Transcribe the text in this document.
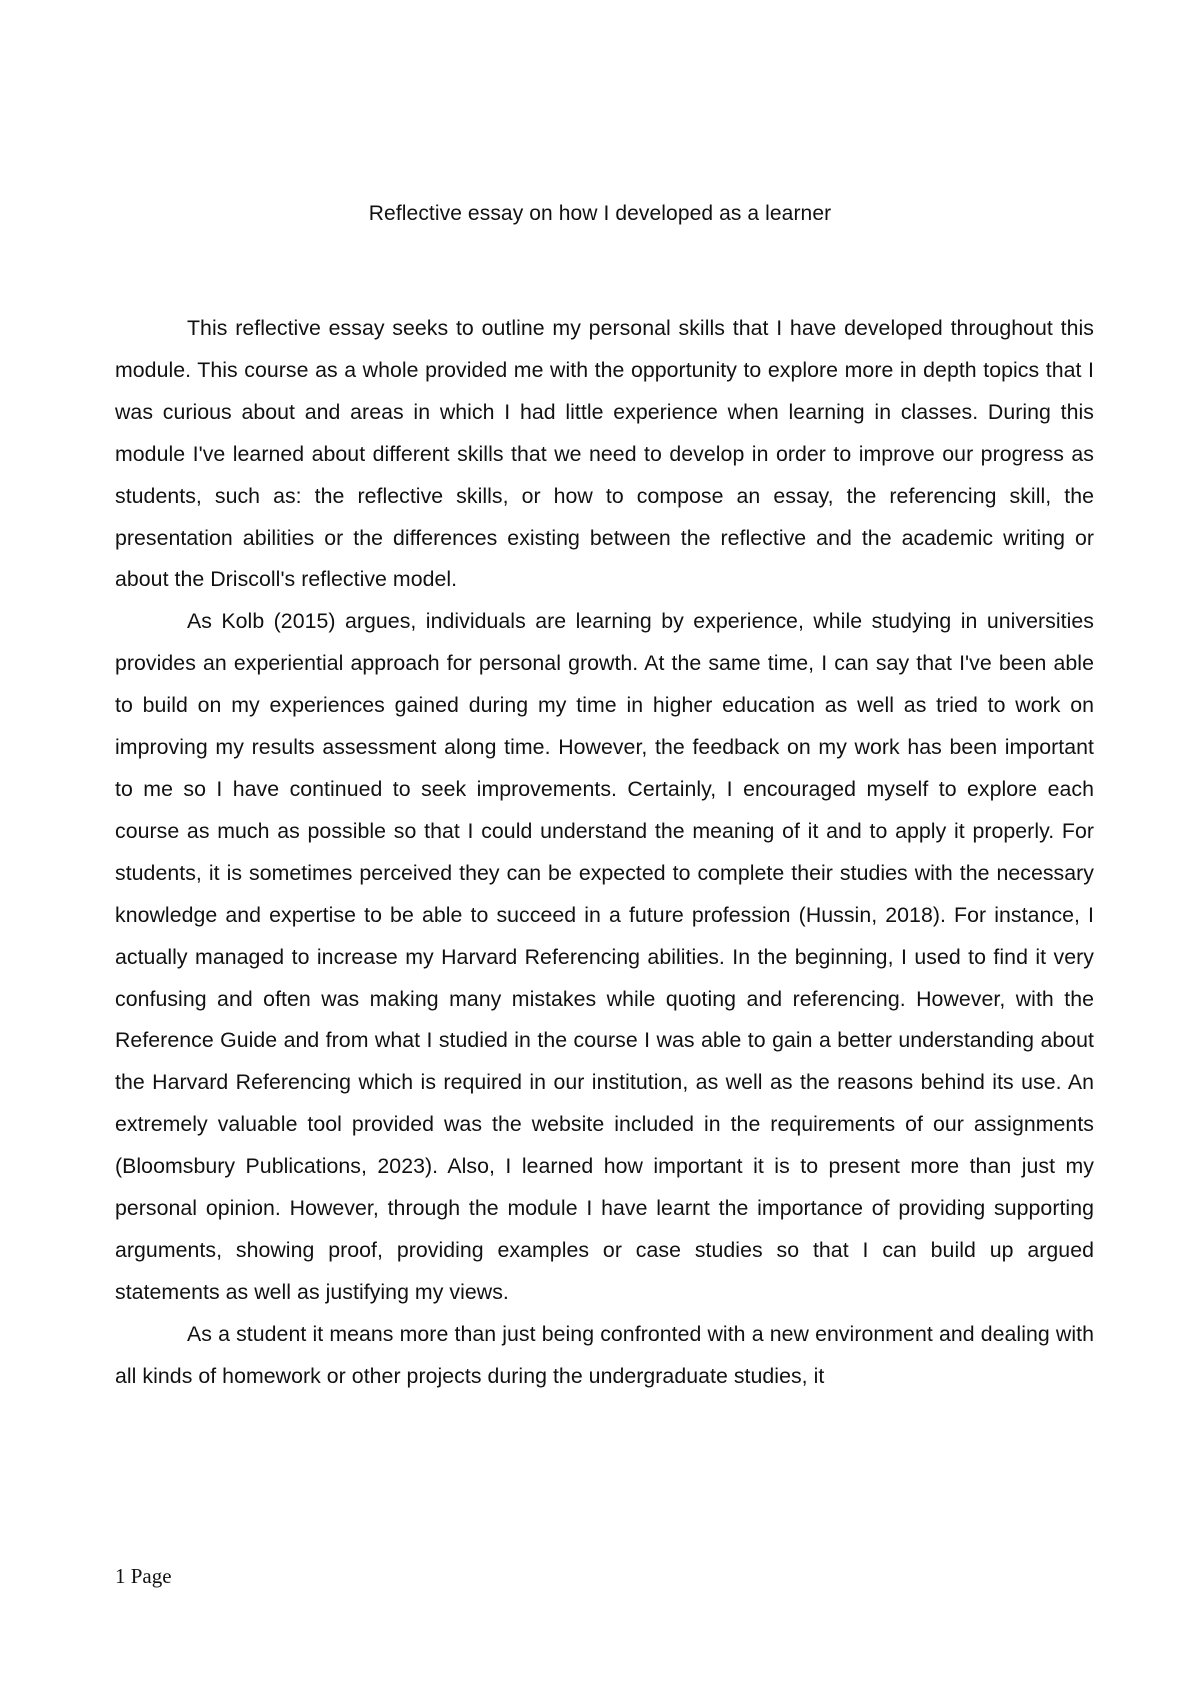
Reflective essay on how I developed as a learner

This reflective essay seeks to outline my personal skills that I have developed throughout this module. This course as a whole provided me with the opportunity to explore more in depth topics that I was curious about and areas in which I had little experience when learning in classes. During this module I've learned about different skills that we need to develop in order to improve our progress as students, such as: the reflective skills, or how to compose an essay, the referencing skill, the presentation abilities or the differences existing between the reflective and the academic writing or about the Driscoll's reflective model.

As Kolb (2015) argues, individuals are learning by experience, while studying in universities provides an experiential approach for personal growth. At the same time, I can say that I've been able to build on my experiences gained during my time in higher education as well as tried to work on improving my results assessment along time. However, the feedback on my work has been important to me so I have continued to seek improvements. Certainly, I encouraged myself to explore each course as much as possible so that I could understand the meaning of it and to apply it properly. For students, it is sometimes perceived they can be expected to complete their studies with the necessary knowledge and expertise to be able to succeed in a future profession (Hussin, 2018). For instance, I actually managed to increase my Harvard Referencing abilities. In the beginning, I used to find it very confusing and often was making many mistakes while quoting and referencing. However, with the Reference Guide and from what I studied in the course I was able to gain a better understanding about the Harvard Referencing which is required in our institution, as well as the reasons behind its use. An extremely valuable tool provided was the website included in the requirements of our assignments (Bloomsbury Publications, 2023). Also, I learned how important it is to present more than just my personal opinion. However, through the module I have learnt the importance of providing supporting arguments, showing proof, providing examples or case studies so that I can build up argued statements as well as justifying my views.

As a student it means more than just being confronted with a new environment and dealing with all kinds of homework or other projects during the undergraduate studies, it

1 Page
